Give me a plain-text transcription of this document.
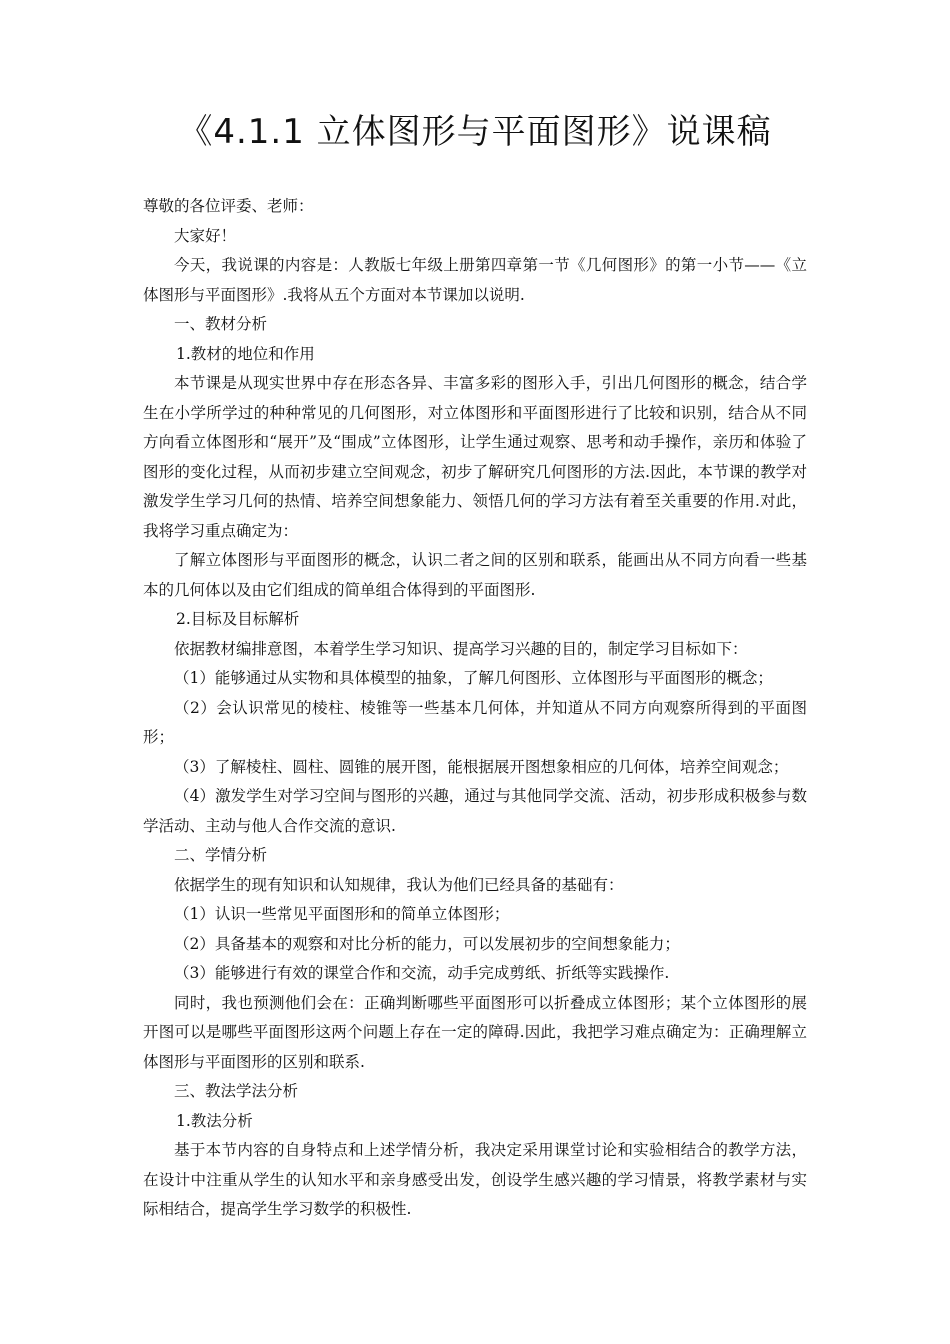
《4.1.1 立体图形与平面图形》说课稿

尊敬的各位评委、老师：

大家好！

今天，我说课的内容是：人教版七年级上册第四章第一节《几何图形》的第一小节——《立体图形与平面图形》.我将从五个方面对本节课加以说明.

一、教材分析

1.教材的地位和作用

本节课是从现实世界中存在形态各异、丰富多彩的图形入手，引出几何图形的概念，结合学生在小学所学过的种种常见的几何图形，对立体图形和平面图形进行了比较和识别，结合从不同方向看立体图形和“展开”及“围成”立体图形，让学生通过观察、思考和动手操作，亲历和体验了图形的变化过程，从而初步建立空间观念，初步了解研究几何图形的方法.因此，本节课的教学对激发学生学习几何的热情、培养空间想象能力、领悟几何的学习方法有着至关重要的作用.对此，我将学习重点确定为：

了解立体图形与平面图形的概念，认识二者之间的区别和联系，能画出从不同方向看一些基本的几何体以及由它们组成的简单组合体得到的平面图形.

2.目标及目标解析

依据教材编排意图，本着学生学习知识、提高学习兴趣的目的，制定学习目标如下：

（1）能够通过从实物和具体模型的抽象，了解几何图形、立体图形与平面图形的概念；

（2）会认识常见的棱柱、棱锥等一些基本几何体，并知道从不同方向观察所得到的平面图形；

（3）了解棱柱、圆柱、圆锥的展开图，能根据展开图想象相应的几何体，培养空间观念；

（4）激发学生对学习空间与图形的兴趣，通过与其他同学交流、活动，初步形成积极参与数学活动、主动与他人合作交流的意识.

二、学情分析

依据学生的现有知识和认知规律，我认为他们已经具备的基础有：

（1）认识一些常见平面图形和的简单立体图形；

（2）具备基本的观察和对比分析的能力，可以发展初步的空间想象能力；

（3）能够进行有效的课堂合作和交流，动手完成剪纸、折纸等实践操作.

同时，我也预测他们会在：正确判断哪些平面图形可以折叠成立体图形；某个立体图形的展开图可以是哪些平面图形这两个问题上存在一定的障碍.因此，我把学习难点确定为：正确理解立体图形与平面图形的区别和联系.

三、教法学法分析

1.教法分析

基于本节内容的自身特点和上述学情分析，我决定采用课堂讨论和实验相结合的教学方法，在设计中注重从学生的认知水平和亲身感受出发，创设学生感兴趣的学习情景，将教学素材与实际相结合，提高学生学习数学的积极性.
